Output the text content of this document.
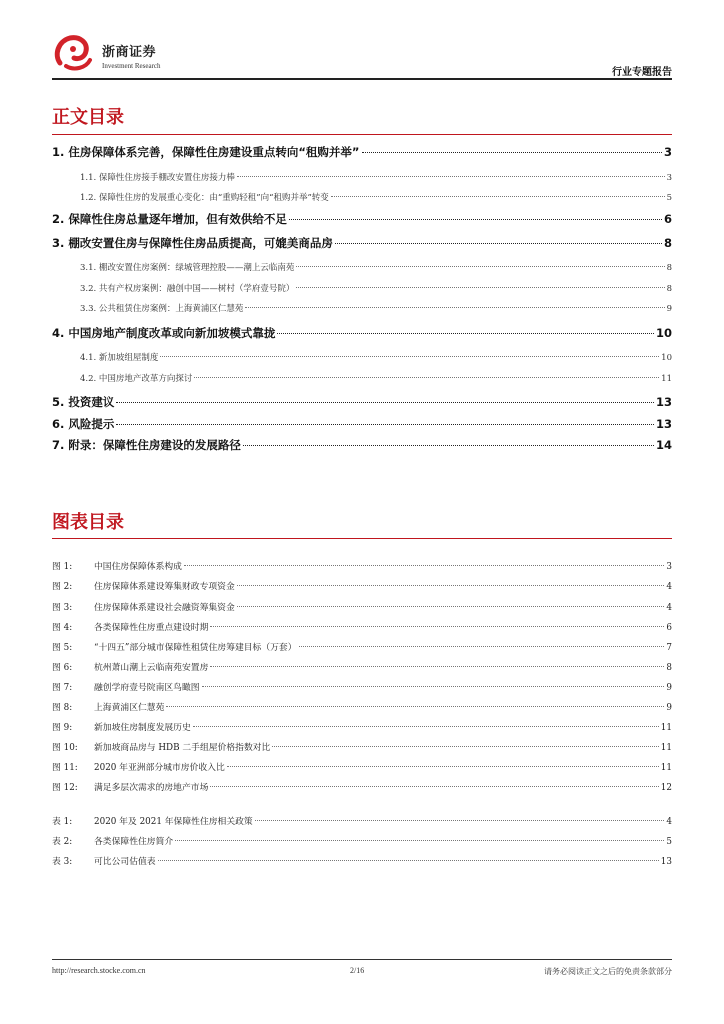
浙商证券
Investment Research
行业专题报告
正文目录
1. 住房保障体系完善，保障性住房建设重点转向“租购并举”	3
1.1. 保障性住房接手棚改安置住房接力棒	3
1.2. 保障性住房的发展重心变化：由“重购轻租”向“租购并举”转变	5
2. 保障性住房总量逐年增加，但有效供给不足	6
3. 棚改安置住房与保障性住房品质提高，可媲美商品房	8
3.1. 棚改安置住房案例：绿城管理控股——潮上云临南苑	8
3.2. 共有产权房案例：融创中国——树村（学府壹号院）	8
3.3. 公共租赁住房案例：上海黄浦区仁慧苑	9
4. 中国房地产制度改革或向新加坡模式靠拢	10
4.1. 新加坡组屋制度	10
4.2. 中国房地产改革方向探讨	11
5. 投资建议	13
6. 风险提示	13
7. 附录：保障性住房建设的发展路径	14
图表目录
图 1:	中国住房保障体系构成	3
图 2:	住房保障体系建设筹集财政专项资金	4
图 3:	住房保障体系建设社会融资筹集资金	4
图 4:	各类保障性住房重点建设时期	6
图 5:	“十四五”部分城市保障性租赁住房筹建目标（万套）	7
图 6:	杭州萧山潮上云临南苑安置房	8
图 7:	融创学府壹号院南区鸟瞰图	9
图 8:	上海黄浦区仁慧苑	9
图 9:	新加坡住房制度发展历史	11
图 10:	新加坡商品房与 HDB 二手组屋价格指数对比	11
图 11:	2020 年亚洲部分城市房价收入比	11
图 12:	满足多层次需求的房地产市场	12
表 1:	2020 年及 2021 年保障性住房相关政策	4
表 2:	各类保障性住房简介	5
表 3:	可比公司估值表	13
http://research.stocke.com.cn	2/16	请务必阅读正文之后的免责条款部分
